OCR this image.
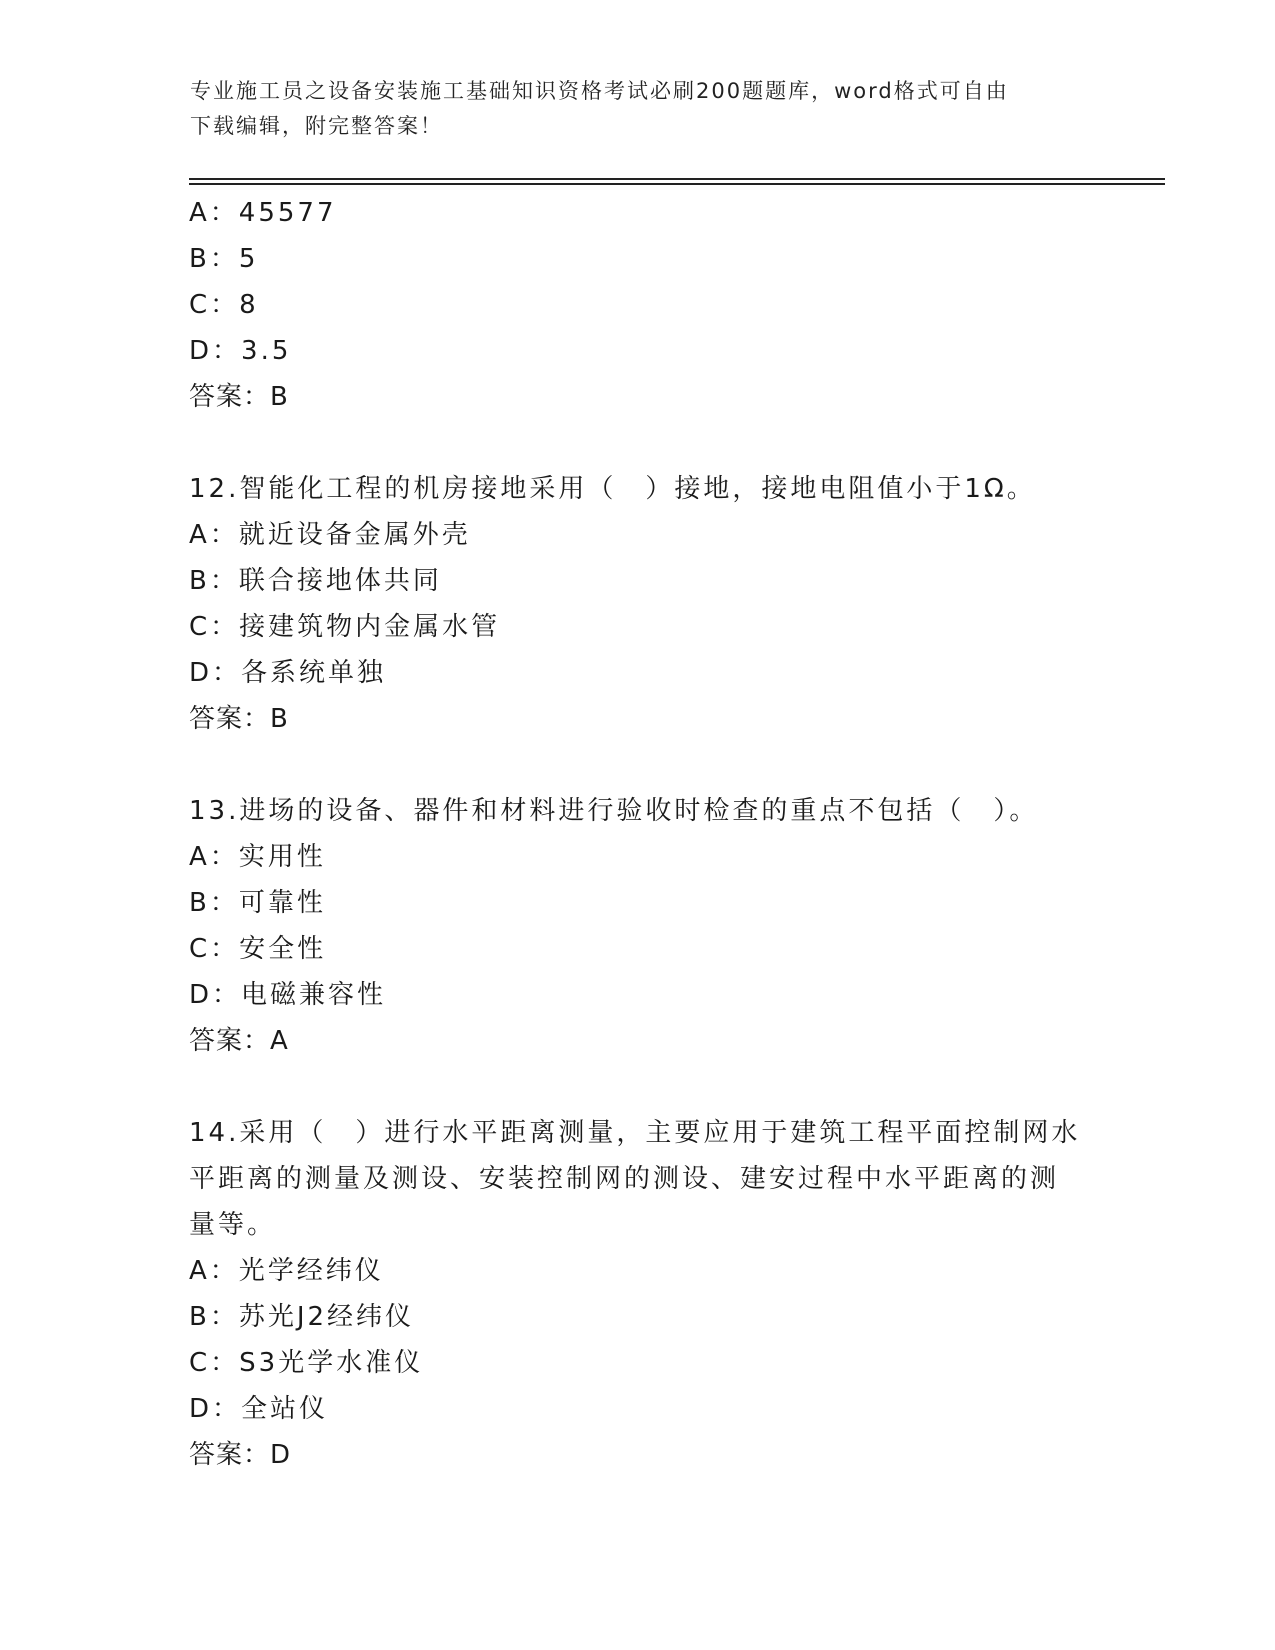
专业施工员之设备安装施工基础知识资格考试必刷200题题库，word格式可自由
下载编辑，附完整答案！
A：45577
B：5
C：8
D：3.5
答案：B
12.智能化工程的机房接地采用（　）接地，接地电阻值小于1Ω。
A：就近设备金属外壳
B：联合接地体共同
C：接建筑物内金属水管
D：各系统单独
答案：B
13.进场的设备、器件和材料进行验收时检查的重点不包括（　）。
A：实用性
B：可靠性
C：安全性
D：电磁兼容性
答案：A
14.采用（　）进行水平距离测量，主要应用于建筑工程平面控制网水
平距离的测量及测设、安装控制网的测设、建安过程中水平距离的测
量等。
A：光学经纬仪
B：苏光J2经纬仪
C：S3光学水准仪
D：全站仪
答案：D
